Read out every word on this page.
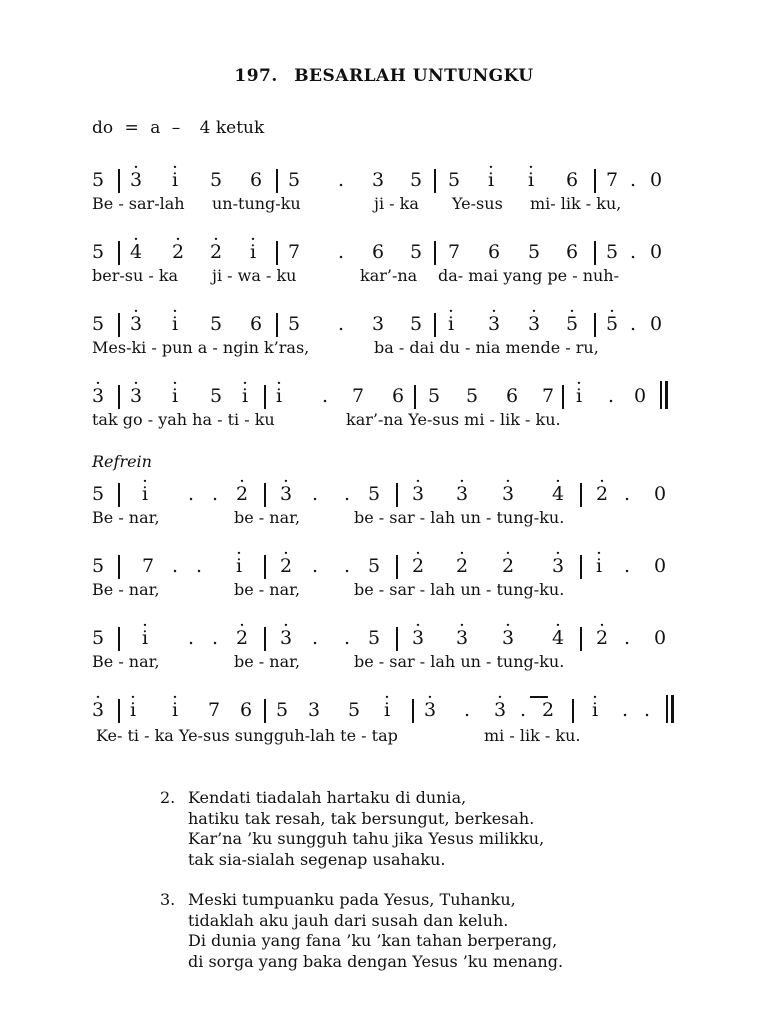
197. BESARLAH UNTUNGKU
do = a – 4 ketuk
Refrein
5 · 3 · i 5 6 5 . 3 5 5 · i · i 6 7 . 0
Be - sar-lah un-tung-ku	ji - ka Ye-sus mi- lik - ku,
5 · 4 · 2 · 2 · i 7 . 6 5 7 6 5 6 5 . 0
ber-su - ka ji - wa - ku	kar’-na da- mai yang pe - nuh-
5 · 3 · i 5 6 5 . 3 5 · i · 3 · 3 · 5 · 5 . 0
Mes-ki - pun a - ngin k’ras,	ba - dai du - nia mende - ru,
· 3 · 3 · i 5 · i · i . 7 6 5 5 6 7 · i . 0
tak go - yah ha - ti - ku	kar’-na Ye-sus mi - lik - ku.
5 · i . . · 2 · 3 . . 5 · 3 · 3 · 3 · 4 · 2 . 0
Be - nar,	be - nar,	be - sar - lah un - tung-ku.
5 7 . . · i · 2 . . 5 · 2 · 2 · 2 · 3 · i . 0
Be - nar,	be - nar,	be - sar - lah un - tung-ku.
5 · i . . · 2 · 3 . . 5 · 3 · 3 · 3 · 4 · 2 . 0
Be - nar,	be - nar,	be - sar - lah un - tung-ku.
· 3 · i · i 7 6 5 3 5 · i · 3 . · 3 . 2 · i . .
Ke- ti - ka Ye-sus sungguh-lah te - tap	mi - lik - ku.
2. Kendati tiadalah hartaku di dunia,
hatiku tak resah, tak bersungut, berkesah.
Kar’na ’ku sungguh tahu jika Yesus milikku,
tak sia-sialah segenap usahaku.
3. Meski tumpuanku pada Yesus, Tuhanku,
tidaklah aku jauh dari susah dan keluh.
Di dunia yang fana ’ku ’kan tahan berperang,
di sorga yang baka dengan Yesus ’ku menang.
